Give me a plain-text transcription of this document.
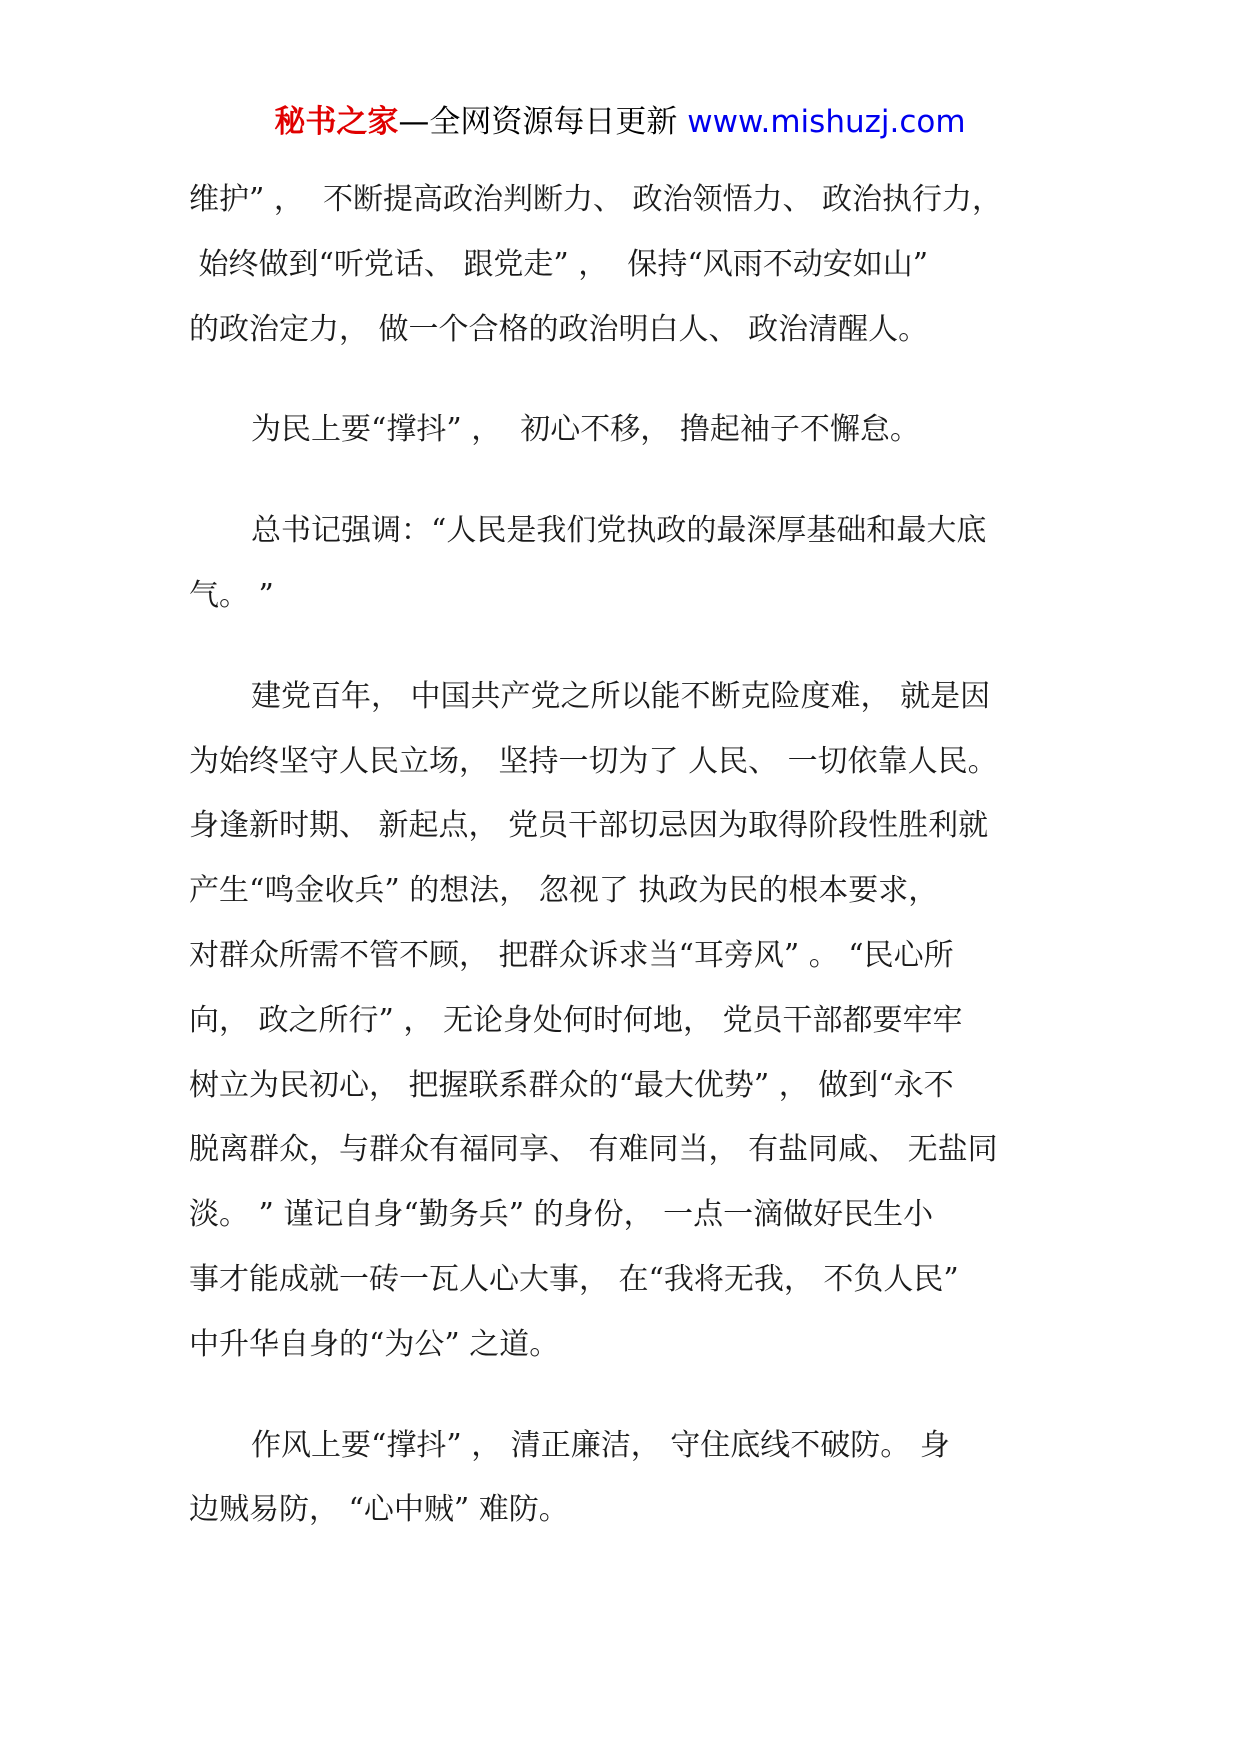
秘书之家—全网资源每日更新 www.mishuzj.com
维护” ，  不断提高政治判断力、 政治领悟力、 政治执行力，
始终做到“听党话、 跟党走” ，  保持“风雨不动安如山”
的政治定力， 做一个合格的政治明白人、 政治清醒人。
为民上要“撑抖” ，  初心不移， 撸起袖子不懈怠。
总书记强调：“人民是我们党执政的最深厚基础和最大底
气。 ”
建党百年， 中国共产党之所以能不断克险度难， 就是因
为始终坚守人民立场， 坚持一切为了 人民、 一切依靠人民。
身逢新时期、 新起点， 党员干部切忌因为取得阶段性胜利就
产生“鸣金收兵” 的想法， 忽视了 执政为民的根本要求，
对群众所需不管不顾， 把群众诉求当“耳旁风” 。 “民心所
向， 政之所行” ， 无论身处何时何地， 党员干部都要牢牢
树立为民初心， 把握联系群众的“最大优势” ， 做到“永不
脱离群众，与群众有福同享、 有难同当， 有盐同咸、 无盐同
淡。 ” 谨记自身“勤务兵” 的身份， 一点一滴做好民生小
事才能成就一砖一瓦人心大事， 在“我将无我， 不负人民”
中升华自身的“为公” 之道。
作风上要“撑抖” ， 清正廉洁， 守住底线不破防。 身
边贼易防， “心中贼” 难防。
